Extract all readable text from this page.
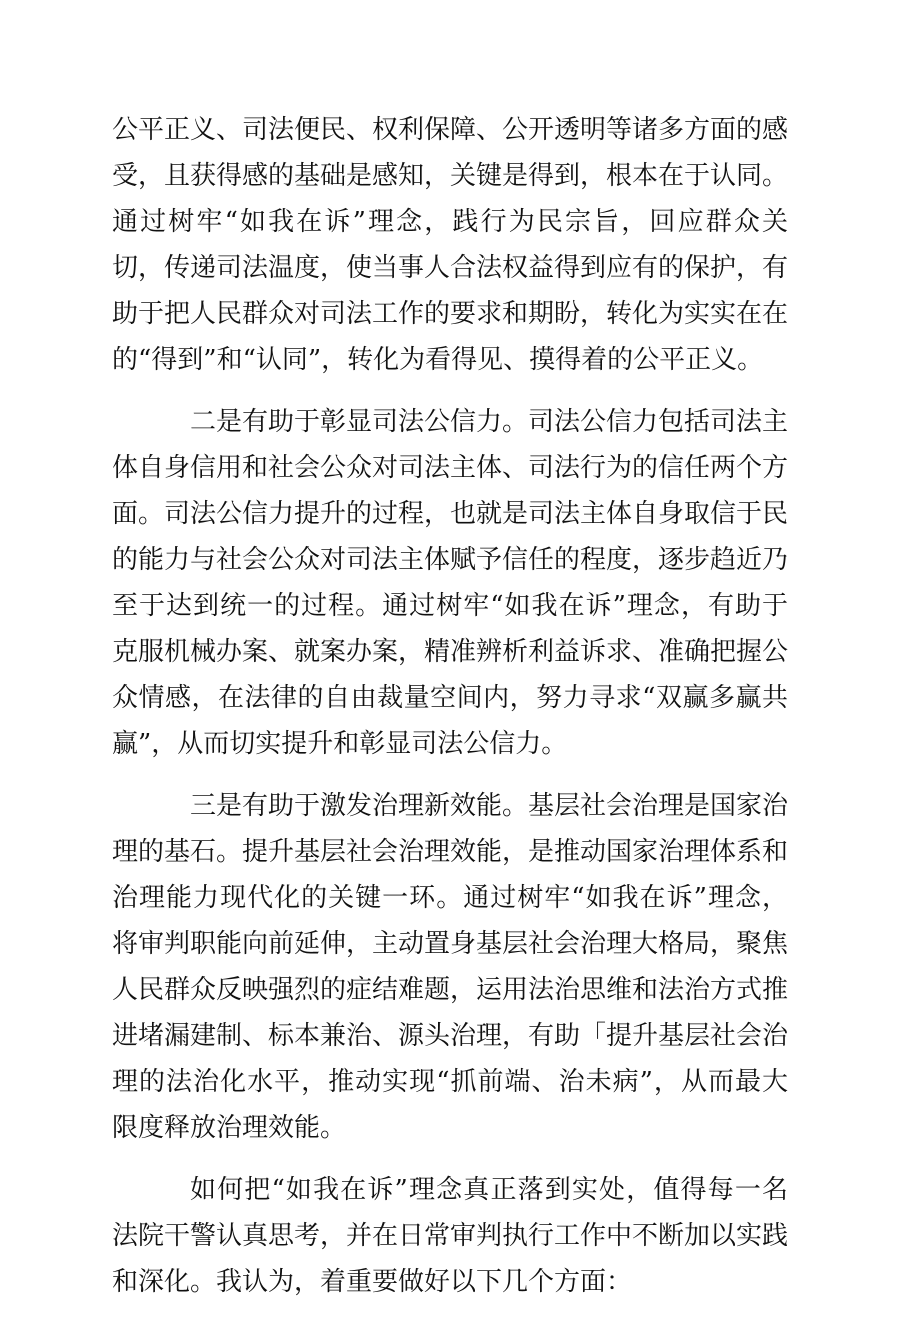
公平正义、司法便民、权利保障、公开透明等诸多方面的感受，且获得感的基础是感知，关键是得到，根本在于认同。通过树牢“如我在诉”理念，践行为民宗旨，回应群众关切，传递司法温度，使当事人合法权益得到应有的保护，有助于把人民群众对司法工作的要求和期盼，转化为实实在在的“得到”和“认同”，转化为看得见、摸得着的公平正义。

二是有助于彰显司法公信力。司法公信力包括司法主体自身信用和社会公众对司法主体、司法行为的信任两个方面。司法公信力提升的过程，也就是司法主体自身取信于民的能力与社会公众对司法主体赋予信任的程度，逐步趋近乃至于达到统一的过程。通过树牢“如我在诉”理念，有助于克服机械办案、就案办案，精准辨析利益诉求、准确把握公众情感，在法律的自由裁量空间内，努力寻求“双赢多赢共赢”，从而切实提升和彰显司法公信力。

三是有助于激发治理新效能。基层社会治理是国家治理的基石。提升基层社会治理效能，是推动国家治理体系和治理能力现代化的关键一环。通过树牢“如我在诉”理念，将审判职能向前延伸，主动置身基层社会治理大格局，聚焦人民群众反映强烈的症结难题，运用法治思维和法治方式推进堵漏建制、标本兼治、源头治理，有助「提升基层社会治理的法治化水平，推动实现“抓前端、治未病”，从而最大限度释放治理效能。

如何把“如我在诉”理念真正落到实处，值得每一名法院干警认真思考，并在日常审判执行工作中不断加以实践和深化。我认为，着重要做好以下几个方面：
